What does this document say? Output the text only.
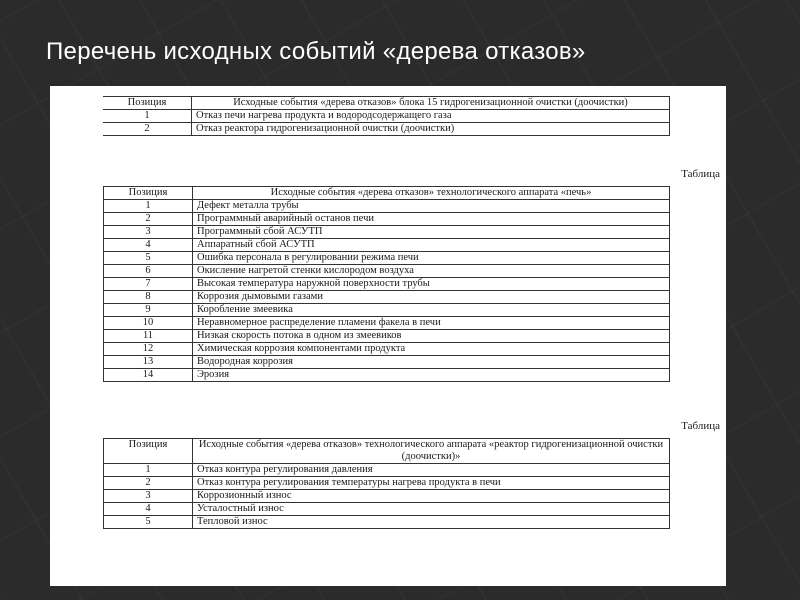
Перечень исходных событий «дерева отказов»
Позиция	Исходные события «дерева отказов» блока 15 гидрогенизационной очистки (доочистки)
1	Отказ печи нагрева продукта и водородсодержащего газа
2	Отказ реактора гидрогенизационной очистки (доочистки)
Таблица
Позиция	Исходные события «дерева отказов» технологического аппарата «печь»
1	Дефект металла трубы
2	Программный аварийный останов печи
3	Программный сбой АСУТП
4	Аппаратный сбой АСУТП
5	Ошибка персонала в регулировании режима печи
6	Окисление нагретой стенки кислородом воздуха
7	Высокая температура наружной поверхности трубы
8	Коррозия дымовыми газами
9	Коробление змеевика
10	Неравномерное распределение пламени факела в печи
11	Низкая скорость потока в одном из змеевиков
12	Химическая коррозия компонентами продукта
13	Водородная коррозия
14	Эрозия
Таблица
Позиция	Исходные события «дерева отказов» технологического аппарата «реактор гидрогенизационной очистки (доочистки)»
1	Отказ контура регулирования давления
2	Отказ контура регулирования температуры нагрева продукта в печи
3	Коррозионный износ
4	Усталостный износ
5	Тепловой износ
